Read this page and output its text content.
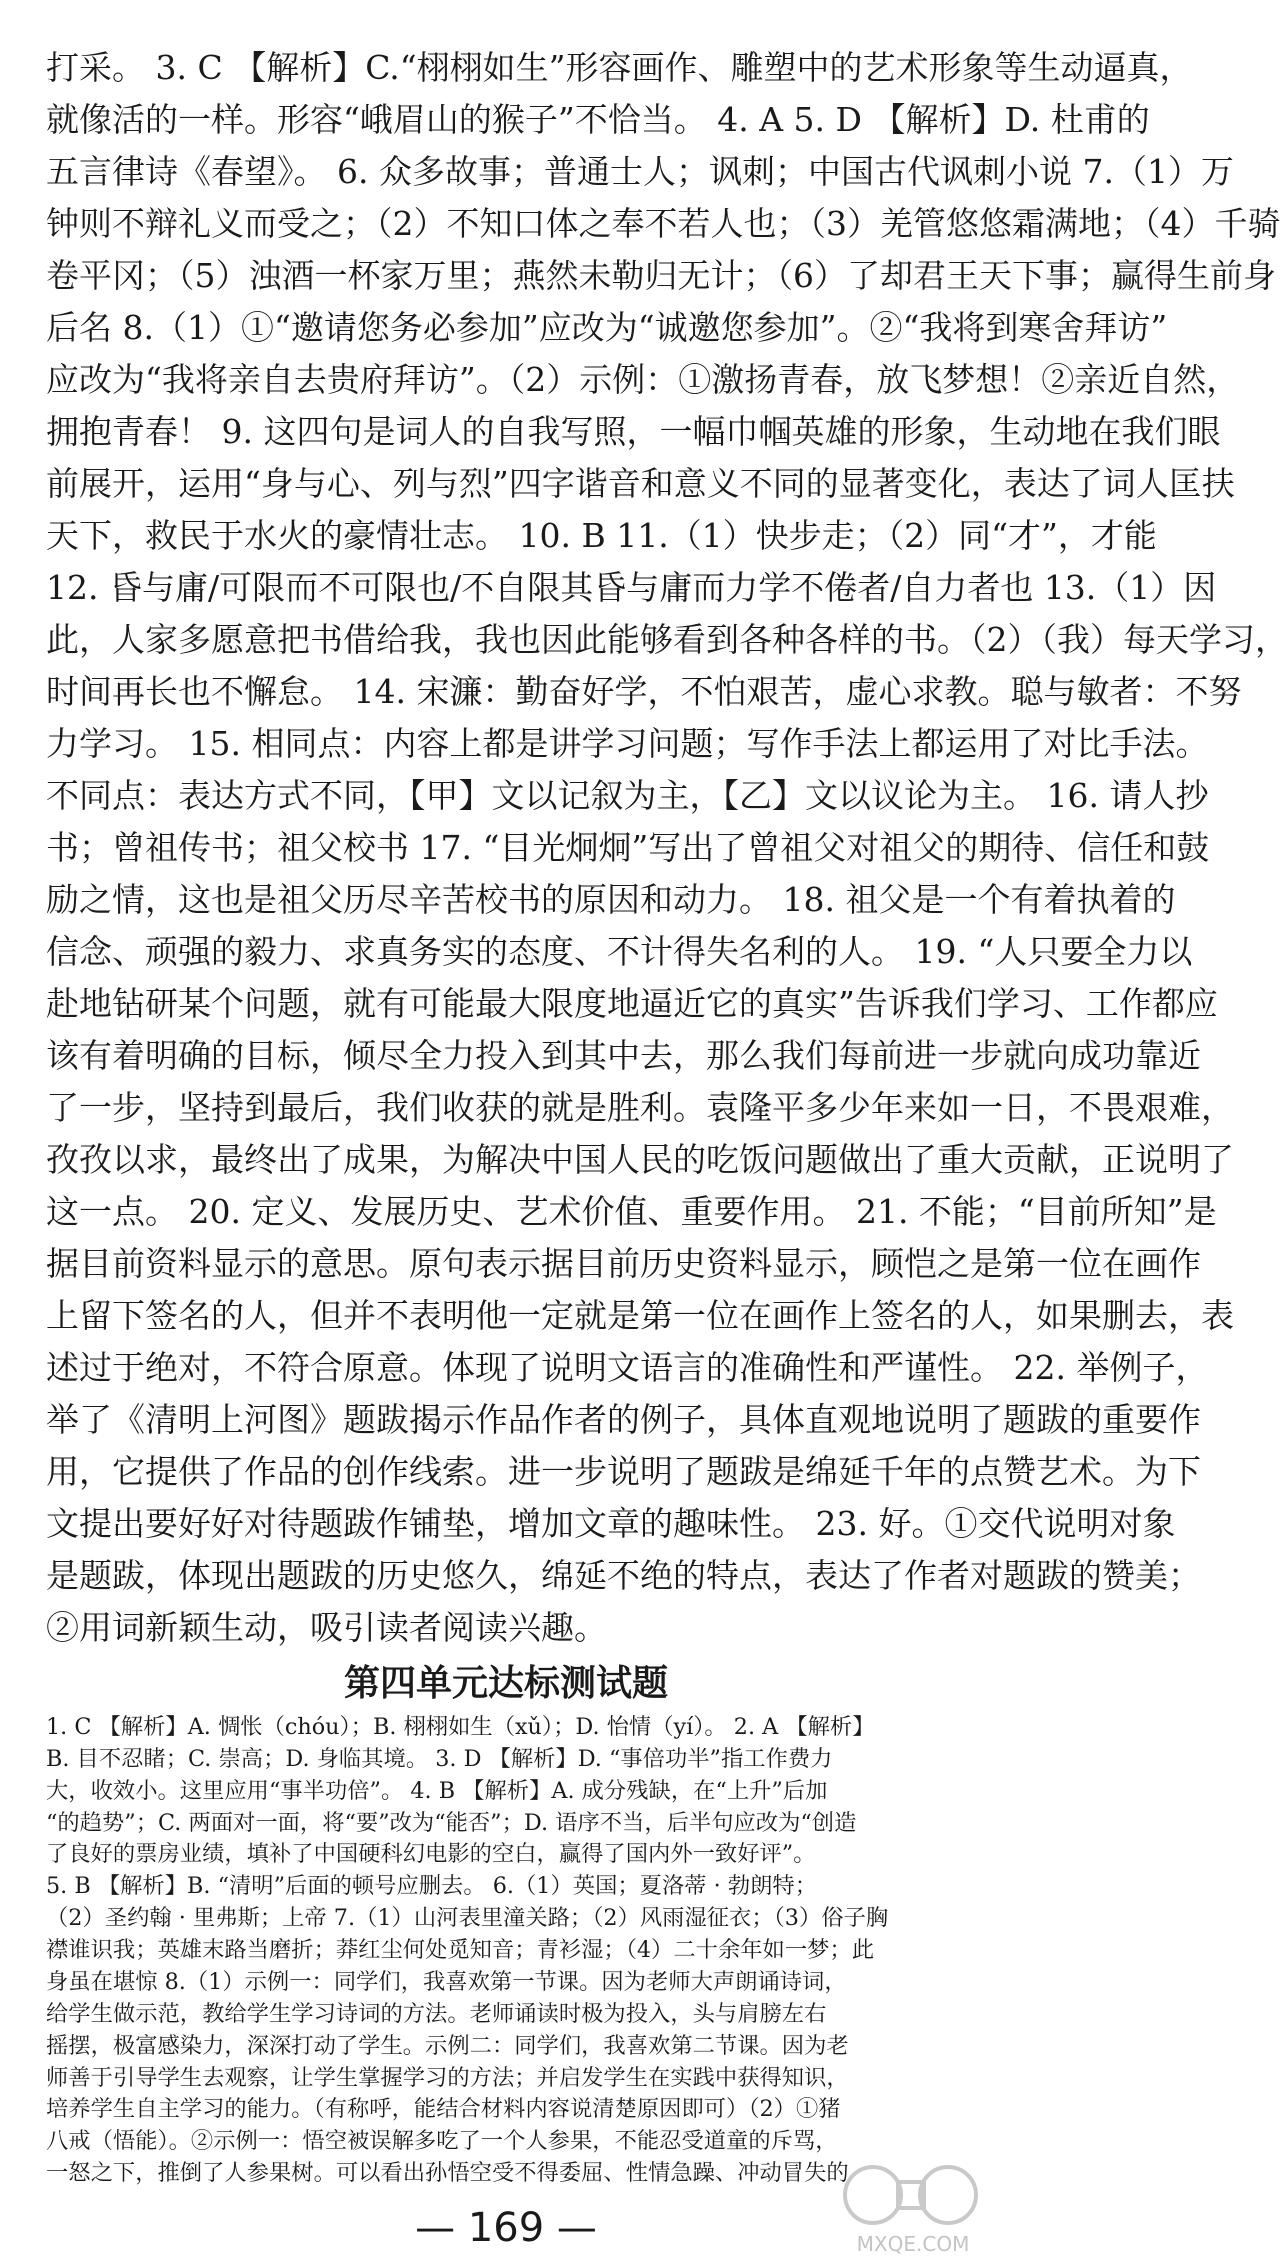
打采。 3. C 【解析】C.“栩栩如生”形容画作、雕塑中的艺术形象等生动逼真，
就像活的一样。形容“峨眉山的猴子”不恰当。 4. A 5. D 【解析】D. 杜甫的
五言律诗《春望》。 6. 众多故事；普通士人；讽刺；中国古代讽刺小说 7.（1）万
钟则不辩礼义而受之；（2）不知口体之奉不若人也；（3）羌管悠悠霜满地；（4）千骑
卷平冈；（5）浊酒一杯家万里；燕然未勒归无计；（6）了却君王天下事；赢得生前身
后名 8.（1）①“邀请您务必参加”应改为“诚邀您参加”。②“我将到寒舍拜访”
应改为“我将亲自去贵府拜访”。（2）示例：①激扬青春，放飞梦想！②亲近自然，
拥抱青春！ 9. 这四句是词人的自我写照，一幅巾帼英雄的形象，生动地在我们眼
前展开，运用“身与心、列与烈”四字谐音和意义不同的显著变化，表达了词人匡扶
天下，救民于水火的豪情壮志。 10. B 11.（1）快步走；（2）同“才”，才能
12. 昏与庸/可限而不可限也/不自限其昏与庸而力学不倦者/自力者也 13.（1）因
此，人家多愿意把书借给我，我也因此能够看到各种各样的书。（2）（我）每天学习，
时间再长也不懈怠。 14. 宋濂：勤奋好学，不怕艰苦，虚心求教。聪与敏者：不努
力学习。 15. 相同点：内容上都是讲学习问题；写作手法上都运用了对比手法。
不同点：表达方式不同，【甲】文以记叙为主，【乙】文以议论为主。 16. 请人抄
书；曾祖传书；祖父校书 17. “目光炯炯”写出了曾祖父对祖父的期待、信任和鼓
励之情，这也是祖父历尽辛苦校书的原因和动力。 18. 祖父是一个有着执着的
信念、顽强的毅力、求真务实的态度、不计得失名利的人。 19. “人只要全力以
赴地钻研某个问题，就有可能最大限度地逼近它的真实”告诉我们学习、工作都应
该有着明确的目标，倾尽全力投入到其中去，那么我们每前进一步就向成功靠近
了一步，坚持到最后，我们收获的就是胜利。袁隆平多少年来如一日，不畏艰难，
孜孜以求，最终出了成果，为解决中国人民的吃饭问题做出了重大贡献，正说明了
这一点。 20. 定义、发展历史、艺术价值、重要作用。 21. 不能；“目前所知”是
据目前资料显示的意思。原句表示据目前历史资料显示，顾恺之是第一位在画作
上留下签名的人，但并不表明他一定就是第一位在画作上签名的人，如果删去，表
述过于绝对，不符合原意。体现了说明文语言的准确性和严谨性。 22. 举例子，
举了《清明上河图》题跋揭示作品作者的例子，具体直观地说明了题跋的重要作
用，它提供了作品的创作线索。进一步说明了题跋是绵延千年的点赞艺术。为下
文提出要好好对待题跋作铺垫，增加文章的趣味性。 23. 好。①交代说明对象
是题跋，体现出题跋的历史悠久，绵延不绝的特点，表达了作者对题跋的赞美；
②用词新颖生动，吸引读者阅读兴趣。
第四单元达标测试题
1. C 【解析】A. 惆怅（chóu）；B. 栩栩如生（xǔ）；D. 怡情（yí）。 2. A 【解析】
B. 目不忍睹；C. 崇高；D. 身临其境。 3. D 【解析】D. “事倍功半”指工作费力
大，收效小。这里应用“事半功倍”。 4. B 【解析】A. 成分残缺，在“上升”后加
“的趋势”；C. 两面对一面，将“要”改为“能否”；D. 语序不当，后半句应改为“创造
了良好的票房业绩，填补了中国硬科幻电影的空白，赢得了国内外一致好评”。
5. B 【解析】B. “清明”后面的顿号应删去。 6.（1）英国；夏洛蒂 · 勃朗特；
（2）圣约翰 · 里弗斯；上帝 7.（1）山河表里潼关路；（2）风雨湿征衣；（3）俗子胸
襟谁识我；英雄末路当磨折；莽红尘何处觅知音；青衫湿；（4）二十余年如一梦；此
身虽在堪惊 8.（1）示例一：同学们，我喜欢第一节课。因为老师大声朗诵诗词，
给学生做示范，教给学生学习诗词的方法。老师诵读时极为投入，头与肩膀左右
摇摆，极富感染力，深深打动了学生。示例二：同学们，我喜欢第二节课。因为老
师善于引导学生去观察，让学生掌握学习的方法；并启发学生在实践中获得知识，
培养学生自主学习的能力。（有称呼，能结合材料内容说清楚原因即可）（2）①猪
八戒（悟能）。②示例一：悟空被误解多吃了一个人参果，不能忍受道童的斥骂，
一怒之下，推倒了人参果树。可以看出孙悟空受不得委屈、性情急躁、冲动冒失的
— 169 —	MXQE.COM
